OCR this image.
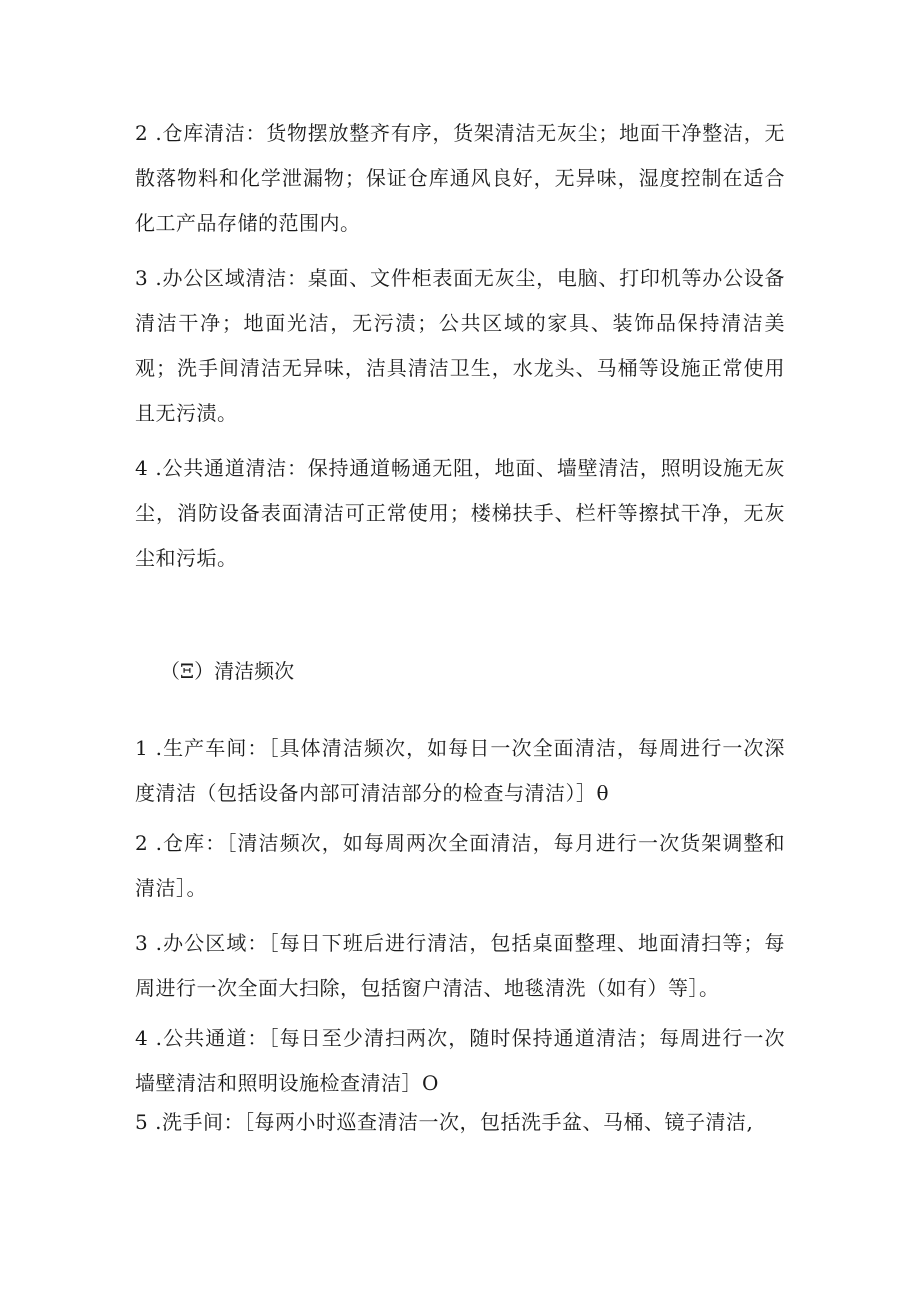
2 .仓库清洁：货物摆放整齐有序，货架清洁无灰尘；地面干净整洁，无散落物料和化学泄漏物；保证仓库通风良好，无异味，湿度控制在适合化工产品存储的范围内。

3 .办公区域清洁：桌面、文件柜表面无灰尘，电脑、打印机等办公设备清洁干净；地面光洁，无污渍；公共区域的家具、装饰品保持清洁美观；洗手间清洁无异味，洁具清洁卫生，水龙头、马桶等设施正常使用且无污渍。

4 .公共通道清洁：保持通道畅通无阻，地面、墙壁清洁，照明设施无灰尘，消防设备表面清洁可正常使用；楼梯扶手、栏杆等擦拭干净，无灰尘和污垢。

（Ξ）清洁频次

1 .生产车间：［具体清洁频次，如每日一次全面清洁，每周进行一次深度清洁（包括设备内部可清洁部分的检查与清洁）］θ

2 .仓库：［清洁频次，如每周两次全面清洁，每月进行一次货架调整和清洁］。

3 .办公区域：［每日下班后进行清洁，包括桌面整理、地面清扫等；每周进行一次全面大扫除，包括窗户清洁、地毯清洗（如有）等］。

4 .公共通道：［每日至少清扫两次，随时保持通道清洁；每周进行一次墙壁清洁和照明设施检查清洁］O

5 .洗手间：［每两小时巡查清洁一次，包括洗手盆、马桶、镜子清洁,
